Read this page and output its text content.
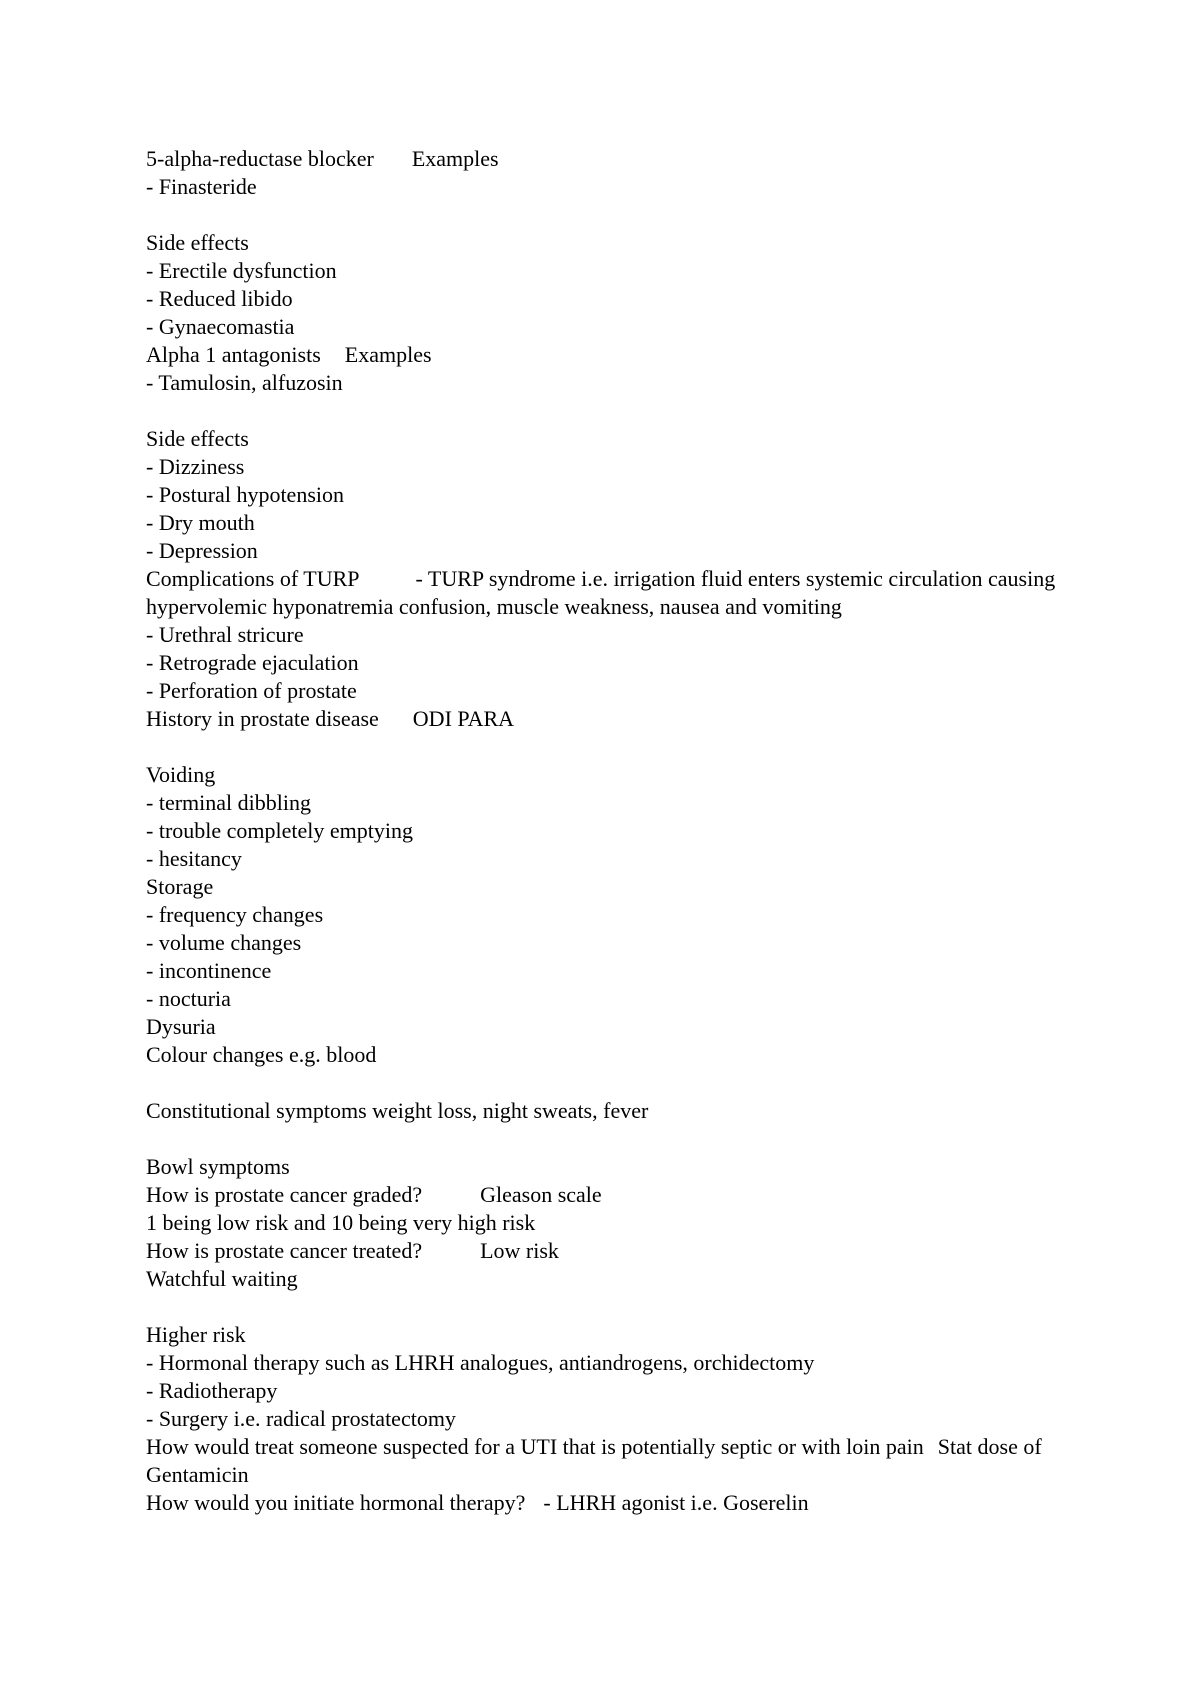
5-alpha-reductase blocker Examples
- Finasteride
Side effects
- Erectile dysfunction
- Reduced libido
- Gynaecomastia
Alpha 1 antagonists Examples
- Tamulosin, alfuzosin
Side effects
- Dizziness
- Postural hypotension
- Dry mouth
- Depression
Complications of TURP	- TURP syndrome i.e. irrigation fluid enters systemic circulation causing hypervolemic hyponatremia confusion, muscle weakness, nausea and vomiting
- Urethral stricure
- Retrograde ejaculation
- Perforation of prostate
History in prostate disease ODI PARA
Voiding
- terminal dibbling
- trouble completely emptying
- hesitancy
Storage
- frequency changes
- volume changes
- incontinence
- nocturia
Dysuria
Colour changes e.g. blood
Constitutional symptoms weight loss, night sweats, fever
Bowl symptoms
How is prostate cancer graded?	Gleason scale
1 being low risk and 10 being very high risk
How is prostate cancer treated?	Low risk
Watchful waiting
Higher risk
- Hormonal therapy such as LHRH analogues, antiandrogens, orchidectomy
- Radiotherapy
- Surgery i.e. radical prostatectomy
How would treat someone suspected for a UTI that is potentially septic or with loin pain Stat dose of Gentamicin
How would you initiate hormonal therapy? - LHRH agonist i.e. Goserelin
